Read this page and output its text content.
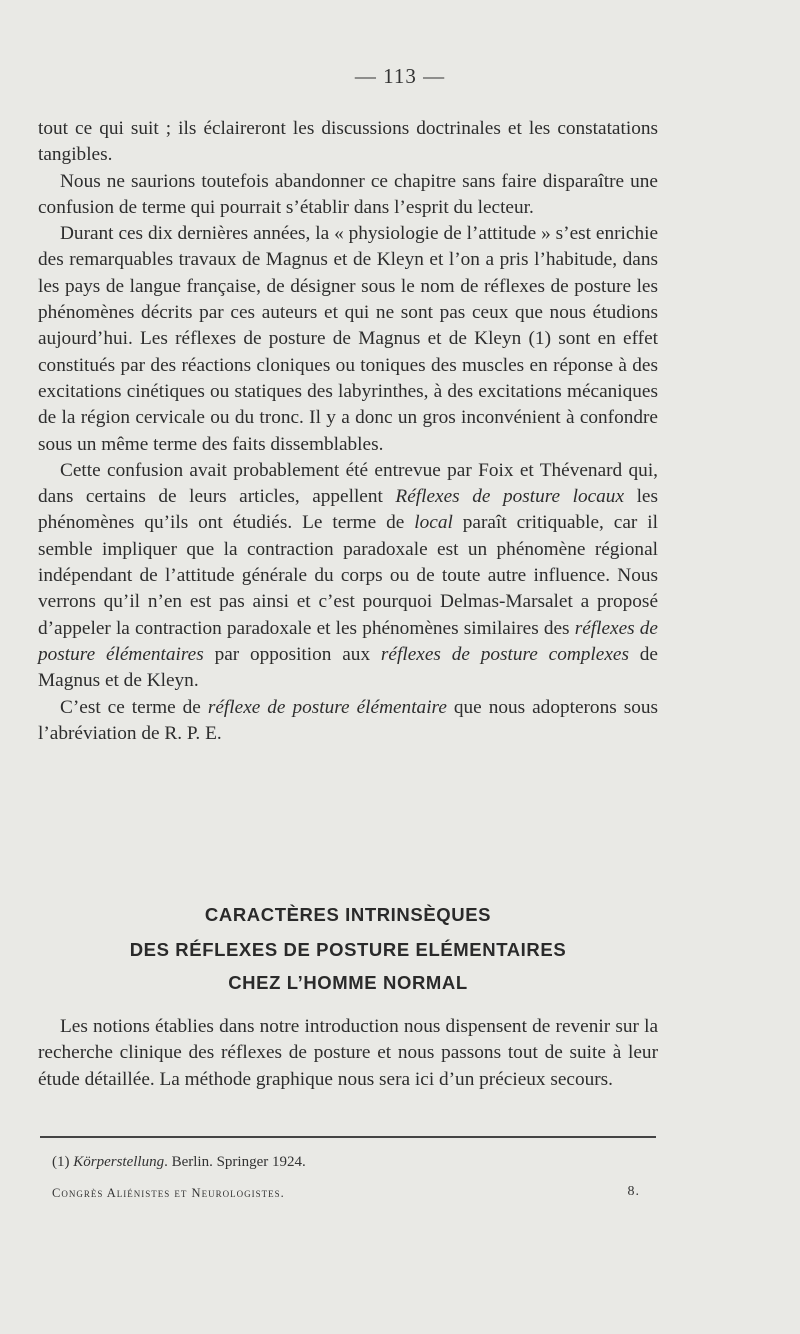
— 113 —

tout ce qui suit ; ils éclaireront les discussions doctrinales et les constatations tangibles.

Nous ne saurions toutefois abandonner ce chapitre sans faire disparaître une confusion de terme qui pourrait s’établir dans l’esprit du lecteur.

Durant ces dix dernières années, la « physiologie de l’attitude » s’est enrichie des remarquables travaux de Magnus et de Kleyn et l’on a pris l’habitude, dans les pays de langue française, de désigner sous le nom de réflexes de posture les phénomènes décrits par ces auteurs et qui ne sont pas ceux que nous étudions aujourd’hui. Les réflexes de posture de Magnus et de Kleyn (1) sont en effet constitués par des réactions cloniques ou toniques des muscles en réponse à des excitations cinétiques ou statiques des labyrinthes, à des excitations mécaniques de la région cervicale ou du tronc. Il y a donc un gros inconvénient à confondre sous un même terme des faits dissemblables.

Cette confusion avait probablement été entrevue par Foix et Thévenard qui, dans certains de leurs articles, appellent Réflexes de posture locaux les phénomènes qu’ils ont étudiés. Le terme de local paraît critiquable, car il semble impliquer que la contraction paradoxale est un phénomène régional indépendant de l’attitude générale du corps ou de toute autre influence. Nous verrons qu’il n’en est pas ainsi et c’est pourquoi Delmas-Marsalet a proposé d’appeler la contraction paradoxale et les phénomènes similaires des réflexes de posture élémentaires par opposition aux réflexes de posture complexes de Magnus et de Kleyn.

C’est ce terme de réflexe de posture élémentaire que nous adopterons sous l’abréviation de R. P. E.

CARACTÈRES INTRINSÈQUES
DES RÉFLEXES DE POSTURE ELÉMENTAIRES
CHEZ L’HOMME NORMAL

Les notions établies dans notre introduction nous dispensent de revenir sur la recherche clinique des réflexes de posture et nous passons tout de suite à leur étude détaillée. La méthode graphique nous sera ici d’un précieux secours.

(1) Körperstellung. Berlin. Springer 1924.
Congrès Aliénistes et Neurologistes.	8.
